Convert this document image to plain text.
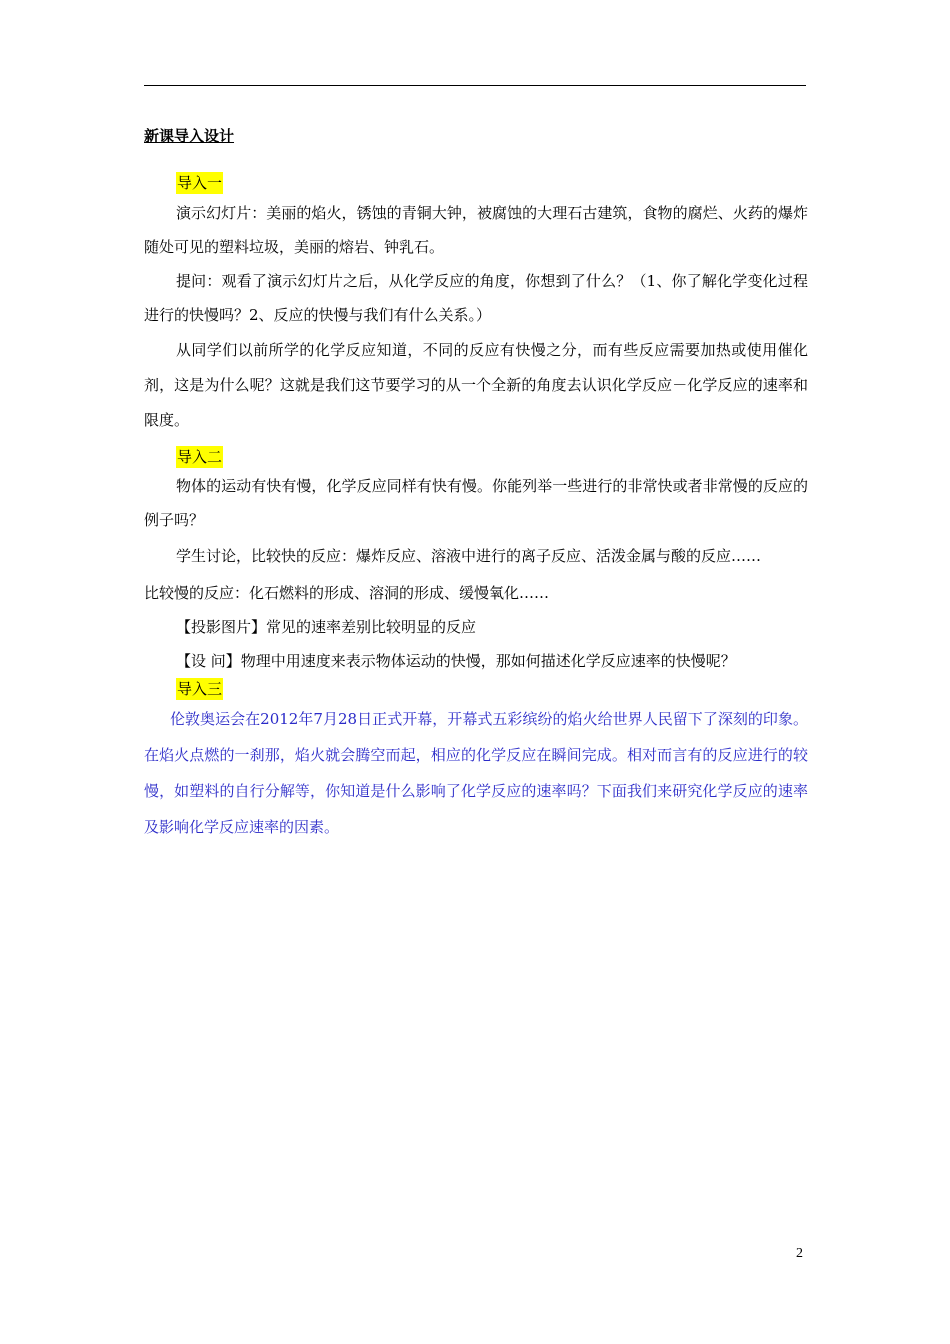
新课导入设计
导入一

演示幻灯片：美丽的焰火，锈蚀的青铜大钟，被腐蚀的大理石古建筑，食物的腐烂、火药的爆炸随处可见的塑料垃圾，美丽的熔岩、钟乳石。

提问：观看了演示幻灯片之后，从化学反应的角度，你想到了什么？（1、你了解化学变化过程进行的快慢吗？2、反应的快慢与我们有什么关系。）

从同学们以前所学的化学反应知道，不同的反应有快慢之分，而有些反应需要加热或使用催化剂，这是为什么呢？这就是我们这节要学习的从一个全新的角度去认识化学反应－化学反应的速率和限度。

导入二

物体的运动有快有慢，化学反应同样有快有慢。你能列举一些进行的非常快或者非常慢的反应的例子吗？

学生讨论，比较快的反应：爆炸反应、溶液中进行的离子反应、活泼金属与酸的反应……

比较慢的反应：化石燃料的形成、溶洞的形成、缓慢氧化……

【投影图片】常见的速率差别比较明显的反应

【设 问】物理中用速度来表示物体运动的快慢，那如何描述化学反应速率的快慢呢？

导入三

伦敦奥运会在2012年7月28日正式开幕，开幕式五彩缤纷的焰火给世界人民留下了深刻的印象。在焰火点燃的一刹那，焰火就会腾空而起，相应的化学反应在瞬间完成。相对而言有的反应进行的较慢，如塑料的自行分解等，你知道是什么影响了化学反应的速率吗？下面我们来研究化学反应的速率及影响化学反应速率的因素。

2
